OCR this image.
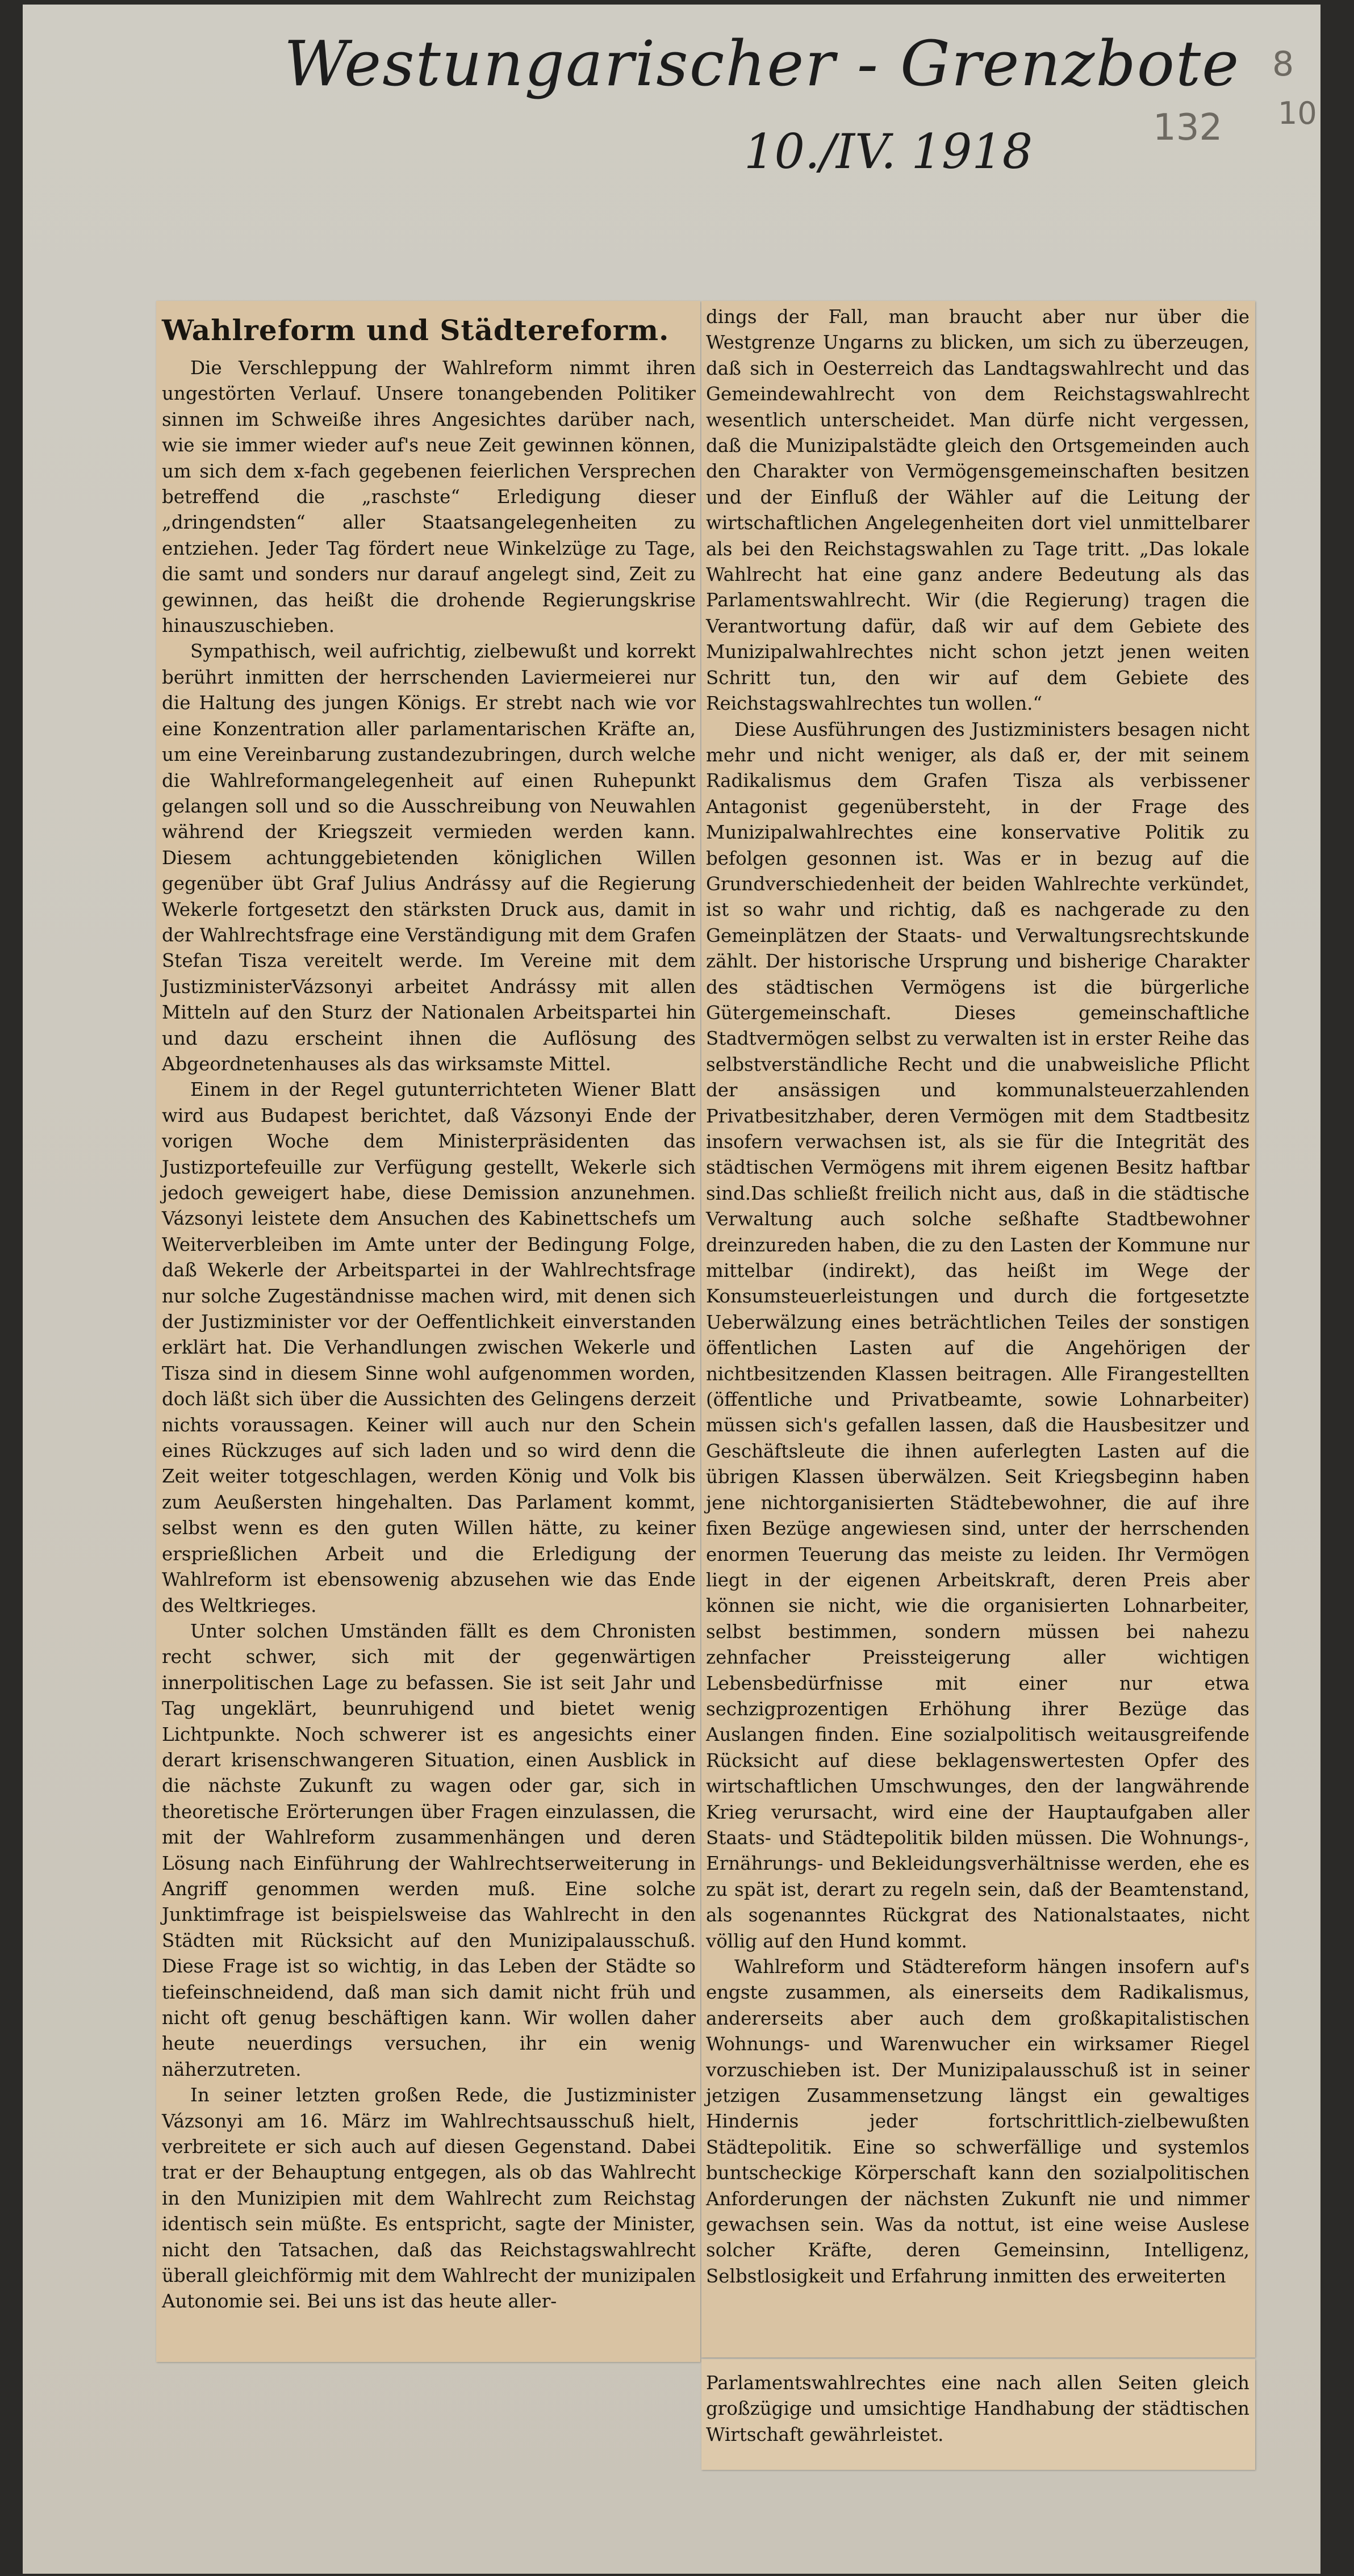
Westungarischer - Grenzbote
10./IV. 1918	132
8
10
Wahlreform und Städtereform.

Die Verschleppung der Wahlreform nimmt ihren ungestörten Verlauf. Unsere tonangebenden Politiker sinnen im Schweiße ihres Angesichtes darüber nach, wie sie immer wieder auf's neue Zeit gewinnen können, um sich dem x-fach gegebenen feierlichen Versprechen betreffend die „raschste“ Erledigung dieser „dringendsten“ aller Staatsangelegenheiten zu entziehen. Jeder Tag fördert neue Winkelzüge zu Tage, die samt und sonders nur darauf angelegt sind, Zeit zu gewinnen, das heißt die drohende Regierungskrise hinauszuschieben.

Sympathisch, weil aufrichtig, zielbewußt und korrekt berührt inmitten der herrschenden Laviermeierei nur die Haltung des jungen Königs. Er strebt nach wie vor eine Konzentration aller parlamentarischen Kräfte an, um eine Vereinbarung zustandezubringen, durch welche die Wahlreformangelegenheit auf einen Ruhepunkt gelangen soll und so die Ausschreibung von Neuwahlen während der Kriegszeit vermieden werden kann. Diesem achtunggebietenden königlichen Willen gegenüber übt Graf Julius Andrássy auf die Regierung Wekerle fortgesetzt den stärksten Druck aus, damit in der Wahlrechtsfrage eine Verständigung mit dem Grafen Stefan Tisza vereitelt werde. Im Vereine mit dem JustizministerVázsonyi arbeitet Andrássy mit allen Mitteln auf den Sturz der Nationalen Arbeitspartei hin und dazu erscheint ihnen die Auflösung des Abgeordnetenhauses als das wirksamste Mittel.

Einem in der Regel gutunterrichteten Wiener Blatt wird aus Budapest berichtet, daß Vázsonyi Ende der vorigen Woche dem Ministerpräsidenten das Justizportefeuille zur Verfügung gestellt, Wekerle sich jedoch geweigert habe, diese Demission anzunehmen. Vázsonyi leistete dem Ansuchen des Kabinettschefs um Weiterverbleiben im Amte unter der Bedingung Folge, daß Wekerle der Arbeitspartei in der Wahlrechtsfrage nur solche Zugeständnisse machen wird, mit denen sich der Justizminister vor der Oeffentlichkeit einverstanden erklärt hat. Die Verhandlungen zwischen Wekerle und Tisza sind in diesem Sinne wohl aufgenommen worden, doch läßt sich über die Aussichten des Gelingens derzeit nichts voraussagen. Keiner will auch nur den Schein eines Rückzuges auf sich laden und so wird denn die Zeit weiter totgeschlagen, werden König und Volk bis zum Aeußersten hingehalten. Das Parlament kommt, selbst wenn es den guten Willen hätte, zu keiner ersprießlichen Arbeit und die Erledigung der Wahlreform ist ebensowenig abzusehen wie das Ende des Weltkrieges.

Unter solchen Umständen fällt es dem Chronisten recht schwer, sich mit der gegenwärtigen innerpolitischen Lage zu befassen. Sie ist seit Jahr und Tag ungeklärt, beunruhigend und bietet wenig Lichtpunkte. Noch schwerer ist es angesichts einer derart krisenschwangeren Situation, einen Ausblick in die nächste Zukunft zu wagen oder gar, sich in theoretische Erörterungen über Fragen einzulassen, die mit der Wahlreform zusammenhängen und deren Lösung nach Einführung der Wahlrechtserweiterung in Angriff genommen werden muß. Eine solche Junktimfrage ist beispielsweise das Wahlrecht in den Städten mit Rücksicht auf den Munizipalausschuß. Diese Frage ist so wichtig, in das Leben der Städte so tiefeinschneidend, daß man sich damit nicht früh und nicht oft genug beschäftigen kann. Wir wollen daher heute neuerdings versuchen, ihr ein wenig näherzutreten.

In seiner letzten großen Rede, die Justizminister Vázsonyi am 16. März im Wahlrechtsausschuß hielt, verbreitete er sich auch auf diesen Gegenstand. Dabei trat er der Behauptung entgegen, als ob das Wahlrecht in den Munizipien mit dem Wahlrecht zum Reichstag identisch sein müßte. Es entspricht, sagte der Minister, nicht den Tatsachen, daß das Reichstagswahlrecht überall gleichförmig mit dem Wahlrecht der munizipalen Autonomie sei. Bei uns ist das heute aller-

dings der Fall, man braucht aber nur über die Westgrenze Ungarns zu blicken, um sich zu überzeugen, daß sich in Oesterreich das Landtagswahlrecht und das Gemeindewahlrecht von dem Reichstagswahlrecht wesentlich unterscheidet. Man dürfe nicht vergessen, daß die Munizipalstädte gleich den Ortsgemeinden auch den Charakter von Vermögensgemeinschaften besitzen und der Einfluß der Wähler auf die Leitung der wirtschaftlichen Angelegenheiten dort viel unmittelbarer als bei den Reichstagswahlen zu Tage tritt. „Das lokale Wahlrecht hat eine ganz andere Bedeutung als das Parlamentswahlrecht. Wir (die Regierung) tragen die Verantwortung dafür, daß wir auf dem Gebiete des Munizipalwahlrechtes nicht schon jetzt jenen weiten Schritt tun, den wir auf dem Gebiete des Reichstagswahlrechtes tun wollen.“

Diese Ausführungen des Justizministers besagen nicht mehr und nicht weniger, als daß er, der mit seinem Radikalismus dem Grafen Tisza als verbissener Antagonist gegenübersteht, in der Frage des Munizipalwahlrechtes eine konservative Politik zu befolgen gesonnen ist. Was er in bezug auf die Grundverschiedenheit der beiden Wahlrechte verkündet, ist so wahr und richtig, daß es nachgerade zu den Gemeinplätzen der Staats- und Verwaltungsrechtskunde zählt. Der historische Ursprung und bisherige Charakter des städtischen Vermögens ist die bürgerliche Gütergemeinschaft. Dieses gemeinschaftliche Stadtvermögen selbst zu verwalten ist in erster Reihe das selbstverständliche Recht und die unabweisliche Pflicht der ansässigen und kommunalsteuerzahlenden Privatbesitzhaber, deren Vermögen mit dem Stadtbesitz insofern verwachsen ist, als sie für die Integrität des städtischen Vermögens mit ihrem eigenen Besitz haftbar sind.Das schließt freilich nicht aus, daß in die städtische Verwaltung auch solche seßhafte Stadtbewohner dreinzureden haben, die zu den Lasten der Kommune nur mittelbar (indirekt), das heißt im Wege der Konsumsteuerleistungen und durch die fortgesetzte Ueberwälzung eines beträchtlichen Teiles der sonstigen öffentlichen Lasten auf die Angehörigen der nichtbesitzenden Klassen beitragen. Alle Firangestellten (öffentliche und Privatbeamte, sowie Lohnarbeiter) müssen sich's gefallen lassen, daß die Hausbesitzer und Geschäftsleute die ihnen auferlegten Lasten auf die übrigen Klassen überwälzen. Seit Kriegsbeginn haben jene nichtorganisierten Städtebewohner, die auf ihre fixen Bezüge angewiesen sind, unter der herrschenden enormen Teuerung das meiste zu leiden. Ihr Vermögen liegt in der eigenen Arbeitskraft, deren Preis aber können sie nicht, wie die organisierten Lohnarbeiter, selbst bestimmen, sondern müssen bei nahezu zehnfacher Preissteigerung aller wichtigen Lebensbedürfnisse mit einer nur etwa sechzigprozentigen Erhöhung ihrer Bezüge das Auslangen finden. Eine sozialpolitisch weitausgreifende Rücksicht auf diese beklagenswertesten Opfer des wirtschaftlichen Umschwunges, den der langwährende Krieg verursacht, wird eine der Hauptaufgaben aller Staats- und Städtepolitik bilden müssen. Die Wohnungs-, Ernährungs- und Bekleidungsverhältnisse werden, ehe es zu spät ist, derart zu regeln sein, daß der Beamtenstand, als sogenanntes Rückgrat des Nationalstaates, nicht völlig auf den Hund kommt.

Wahlreform und Städtereform hängen insofern auf's engste zusammen, als einerseits dem Radikalismus, andererseits aber auch dem großkapitalistischen Wohnungs- und Warenwucher ein wirksamer Riegel vorzuschieben ist. Der Munizipalausschuß ist in seiner jetzigen Zusammensetzung längst ein gewaltiges Hindernis jeder fortschrittlich-zielbewußten Städtepolitik. Eine so schwerfällige und systemlos buntscheckige Körperschaft kann den sozialpolitischen Anforderungen der nächsten Zukunft nie und nimmer gewachsen sein. Was da nottut, ist eine weise Auslese solcher Kräfte, deren Gemeinsinn, Intelligenz, Selbstlosigkeit und Erfahrung inmitten des erweiterten

Parlamentswahlrechtes eine nach allen Seiten gleich großzügige und umsichtige Handhabung der städtischen Wirtschaft gewährleistet.
